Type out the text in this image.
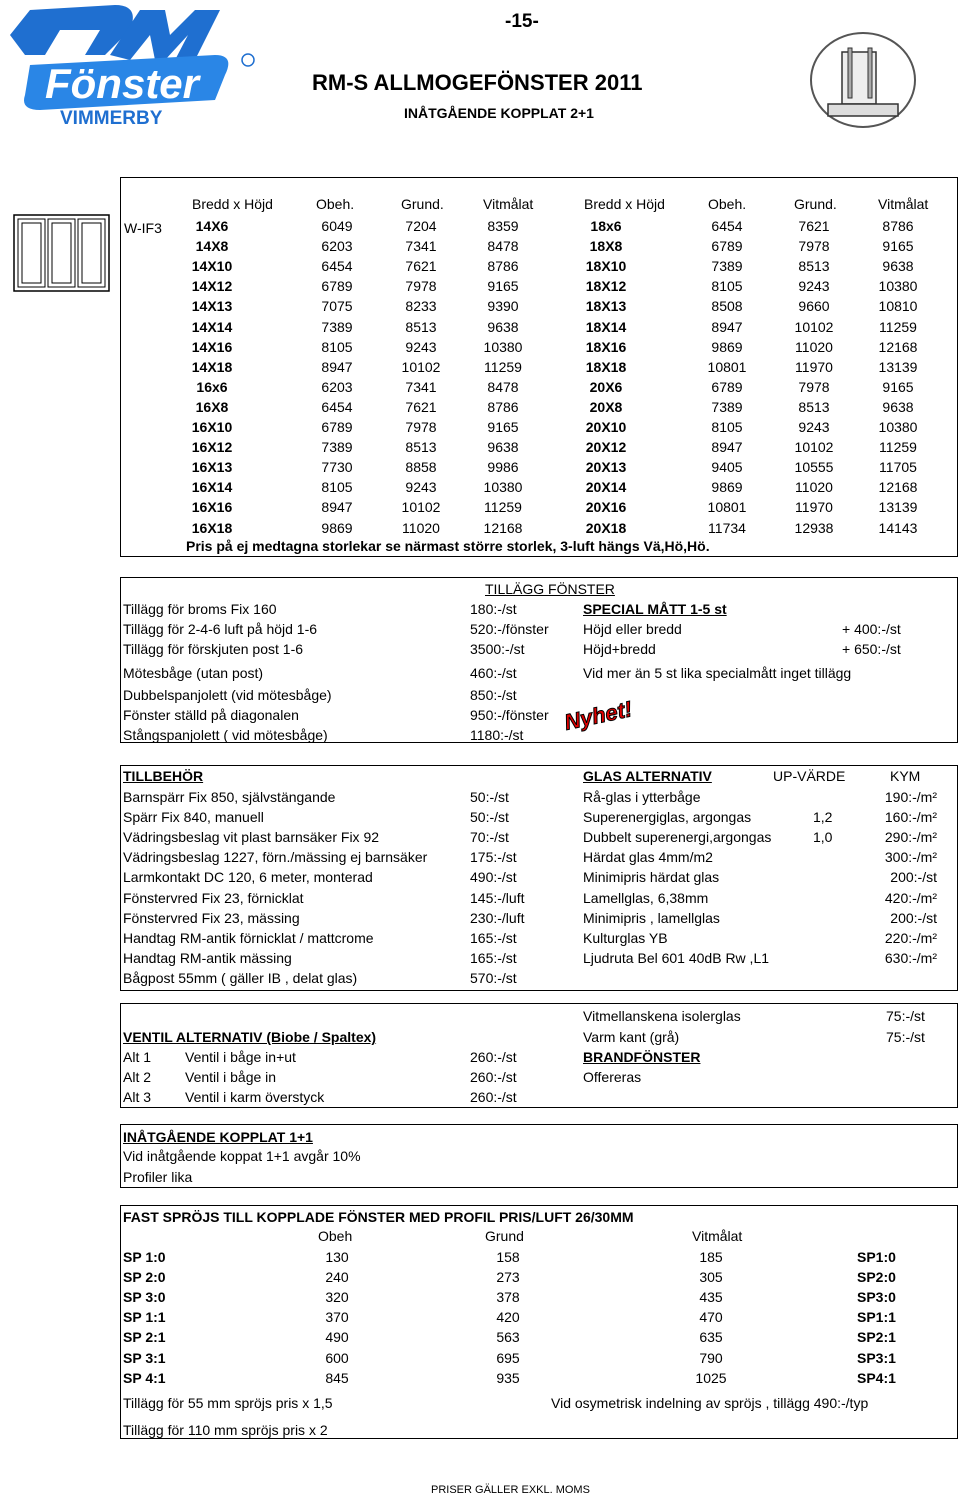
Fönster
VIMMERBY
-15-
RM-S ALLMOGEFÖNSTER 2011
INÅTGÅENDE KOPPLAT 2+1
Bredd x Höjd	Obeh.	Grund.	Vitmålat	Bredd x Höjd	Obeh.	Grund.	Vitmålat
W-IF3	14X6	6049	7204	8359	18x6	6454	7621	8786
14X8	6203	7341	8478	18X8	6789	7978	9165
14X10	6454	7621	8786	18X10	7389	8513	9638
14X12	6789	7978	9165	18X12	8105	9243	10380
14X13	7075	8233	9390	18X13	8508	9660	10810
14X14	7389	8513	9638	18X14	8947	10102	11259
14X16	8105	9243	10380	18X16	9869	11020	12168
14X18	8947	10102	11259	18X18	10801	11970	13139
16x6	6203	7341	8478	20X6	6789	7978	9165
16X8	6454	7621	8786	20X8	7389	8513	9638
16X10	6789	7978	9165	20X10	8105	9243	10380
16X12	7389	8513	9638	20X12	8947	10102	11259
16X13	7730	8858	9986	20X13	9405	10555	11705
16X14	8105	9243	10380	20X14	9869	11020	12168
16X16	8947	10102	11259	20X16	10801	11970	13139
16X18	9869	11020	12168	20X18	11734	12938	14143
Pris på ej medtagna storlekar se närmast större storlek, 3-luft hängs Vä,Hö,Hö.
TILLÄGG FÖNSTER
Tillägg för broms Fix 160	180:-/st
Tillägg för 2-4-6 luft på höjd 1-6	520:-/fönster
Tillägg för förskjuten post 1-6	3500:-/st
Mötesbåge (utan post)	460:-/st
Dubbelspanjolett (vid mötesbåge)	850:-/st
Fönster ställd på diagonalen	950:-/fönster
Stångspanjolett ( vid mötesbåge)	1180:-/st
SPECIAL MÅTT 1-5 st
Höjd eller bredd	+ 400:-/st
Höjd+bredd	+ 650:-/st
Vid mer än 5 st lika specialmått inget tillägg
Nyhet!
TILLBEHÖR	GLAS ALTERNATIV	UP-VÄRDE	KYM
Barnspärr Fix 850, självstängande	50:-/st
Spärr Fix 840, manuell	50:-/st
Vädringsbeslag vit plast barnsäker Fix 92	70:-/st
Vädringsbeslag 1227, förn./mässing ej barnsäker	175:-/st
Larmkontakt DC 120, 6 meter, monterad	490:-/st
Fönstervred Fix 23, förnicklat	145:-/luft
Fönstervred Fix 23, mässing	230:-/luft
Handtag RM-antik förnicklat / mattcrome	165:-/st
Handtag RM-antik mässing	165:-/st
Bågpost 55mm ( gäller IB , delat glas)	570:-/st
Rå-glas i ytterbåge	190:-/m²
Superenergiglas, argongas	1,2	160:-/m²
Dubbelt superenergi,argongas	1,0	290:-/m²
Härdat glas 4mm/m2	300:-/m²
Minimipris härdat glas	200:-/st
Lamellglas, 6,38mm	420:-/m²
Minimipris , lamellglas	200:-/st
Kulturglas YB	220:-/m²
Ljudruta Bel 601 40dB Rw ,L1	630:-/m²
Vitmellanskena isolerglas	75:-/st
VENTIL ALTERNATIV (Biobe / Spaltex)	Varm kant (grå)	75:-/st
Alt 1 Ventil i båge in+ut	260:-/st
Alt 2 Ventil i båge in	260:-/st
Alt 3 Ventil i karm överstyck	260:-/st
BRANDFÖNSTER
Offereras
INÅTGÅENDE KOPPLAT 1+1
Vid inåtgående koppat 1+1 avgår 10%
Profiler lika
FAST SPRÖJS TILL KOPPLADE FÖNSTER MED PROFIL PRIS/LUFT 26/30MM
Obeh	Grund	Vitmålat
SP 1:0	130	158	185	SP1:0
SP 2:0	240	273	305	SP2:0
SP 3:0	320	378	435	SP3:0
SP 1:1	370	420	470	SP1:1
SP 2:1	490	563	635	SP2:1
SP 3:1	600	695	790	SP3:1
SP 4:1	845	935	1025	SP4:1
Tillägg för 55 mm spröjs pris x 1,5	Vid osymetrisk indelning av spröjs , tillägg 490:-/typ
Tillägg för 110 mm spröjs pris x 2
PRISER GÄLLER EXKL. MOMS
